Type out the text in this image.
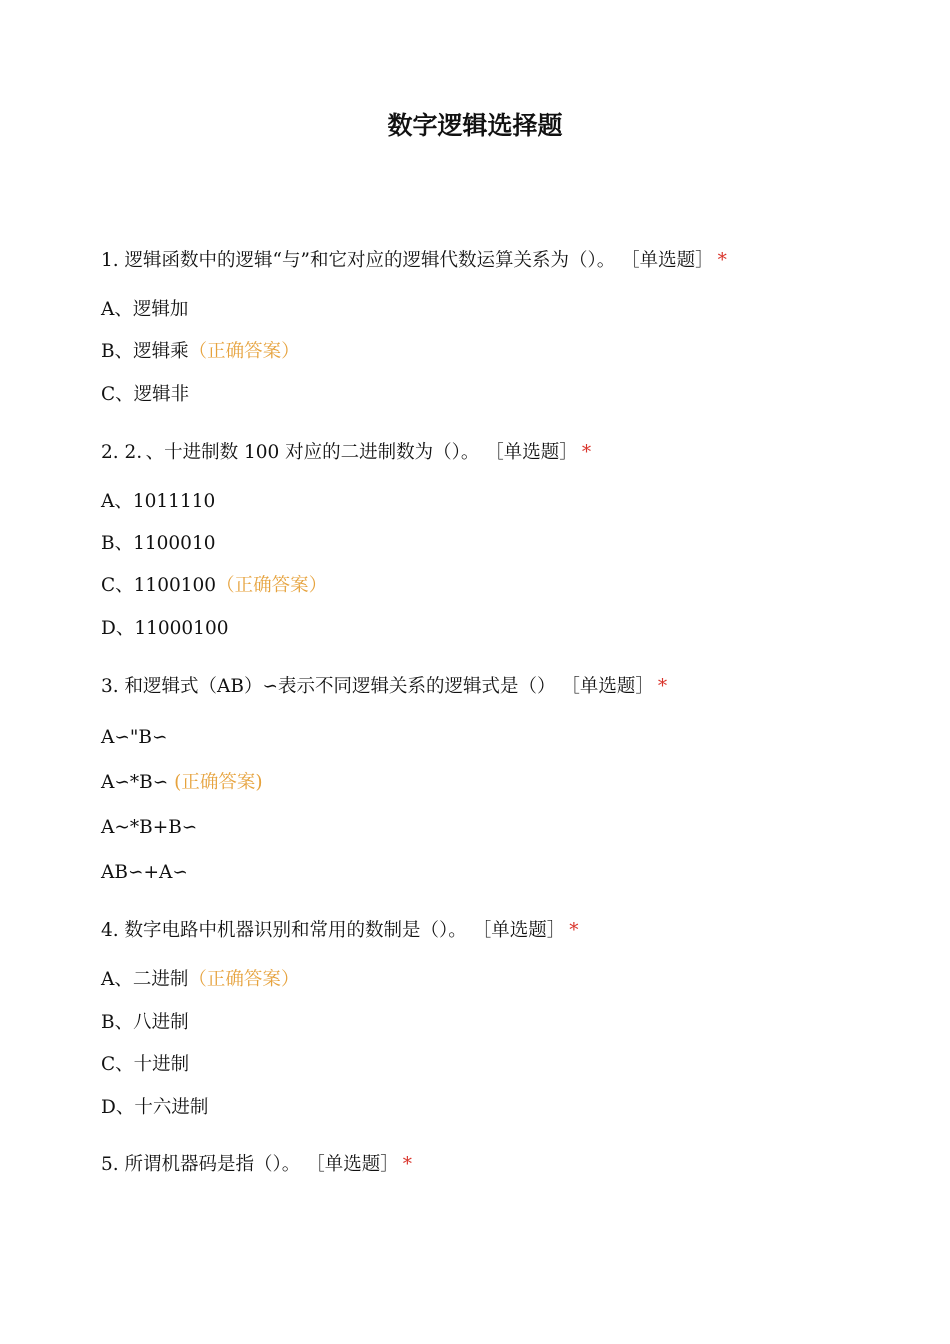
数字逻辑选择题
1. 逻辑函数中的逻辑“与”和它对应的逻辑代数运算关系为（）。 ［单选题］ *
A、逻辑加
B、逻辑乘（正确答案）
C、逻辑非
2. 2．、十进制数 100 对应的二进制数为（）。 ［单选题］ *
A、1011110
B、1100010
C、1100100（正确答案）
D、11000100
3. 和逻辑式（AB）∽表示不同逻辑关系的逻辑式是（） ［单选题］ *
A∽"B∽
A∽*B∽ (正确答案)
A~*B+B∽
AB∽+A∽
4. 数字电路中机器识别和常用的数制是（）。 ［单选题］ *
A、二进制（正确答案）
B、八进制
C、十进制
D、十六进制
5. 所谓机器码是指（）。 ［单选题］ *
